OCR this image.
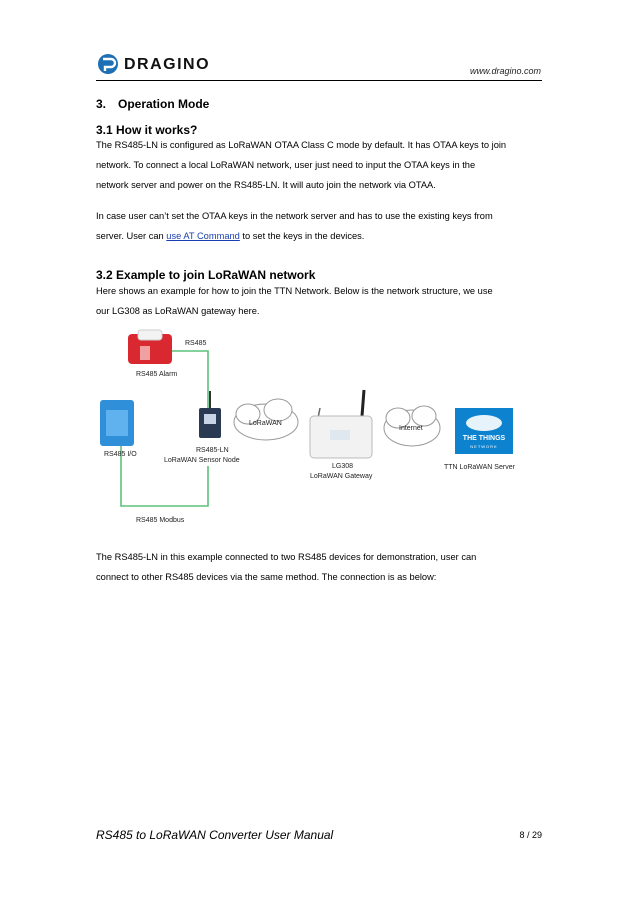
DRAGINO	www.dragino.com
3. Operation Mode
3.1 How it works?
The RS485-LN is configured as LoRaWAN OTAA Class C mode by default. It has OTAA keys to join
network. To connect a local LoRaWAN network, user just need to input the OTAA keys in the
network server and power on the RS485-LN. It will auto join the network via OTAA.
In case user can’t set the OTAA keys in the network server and has to use the existing keys from
server. User can use AT Command to set the keys in the devices.
3.2 Example to join LoRaWAN network
Here shows an example for how to join the TTN Network. Below is the network structure, we use
our LG308 as LoRaWAN gateway here.
RS485
RS485 Alarm
RS485 I/O
RS485-LN
LoRaWAN Sensor Node
LoRaWAN
LG308
LoRaWAN Gateway
Internet
THE THINGS
NETWORK
TTN LoRaWAN Server
RS485 Modbus
The RS485-LN in this example connected to two RS485 devices for demonstration, user can
connect to other RS485 devices via the same method. The connection is as below:
RS485 to LoRaWAN Converter User Manual	8 / 29
